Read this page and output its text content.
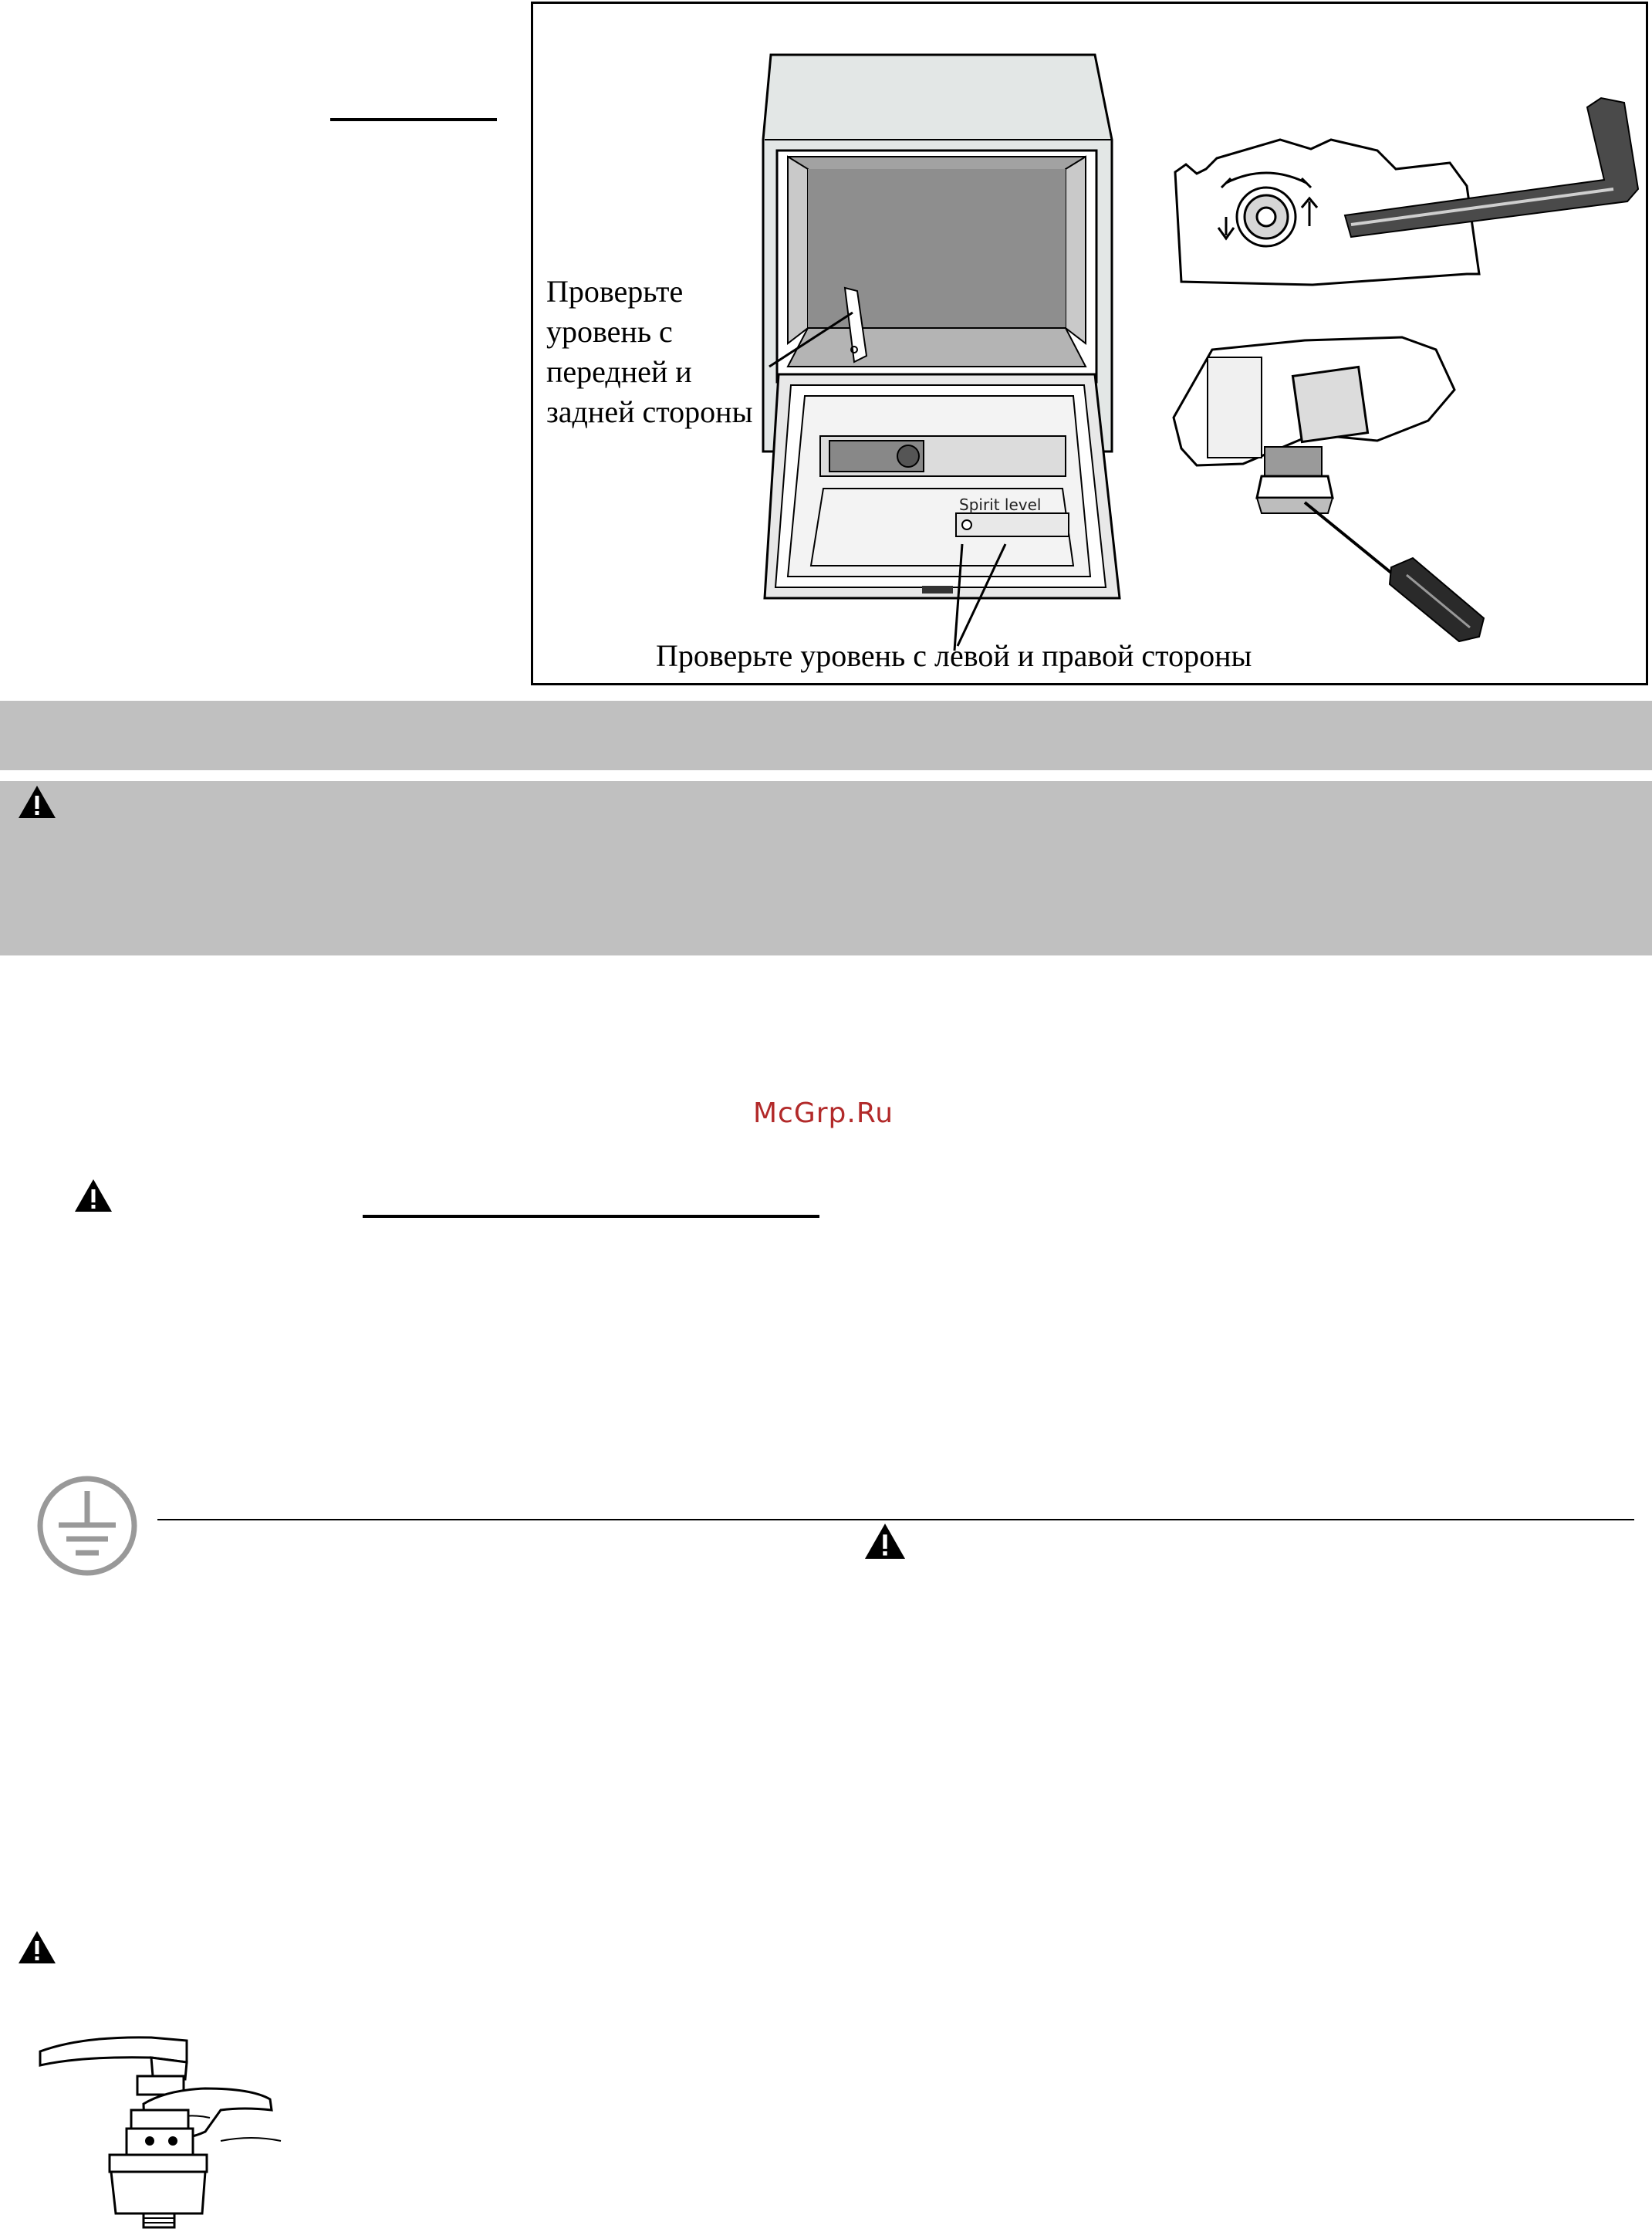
Spirit level
Проверьте
уровень с
передней и
задней стороны
Проверьте уровень с левой и правой стороны
McGrp.Ru
